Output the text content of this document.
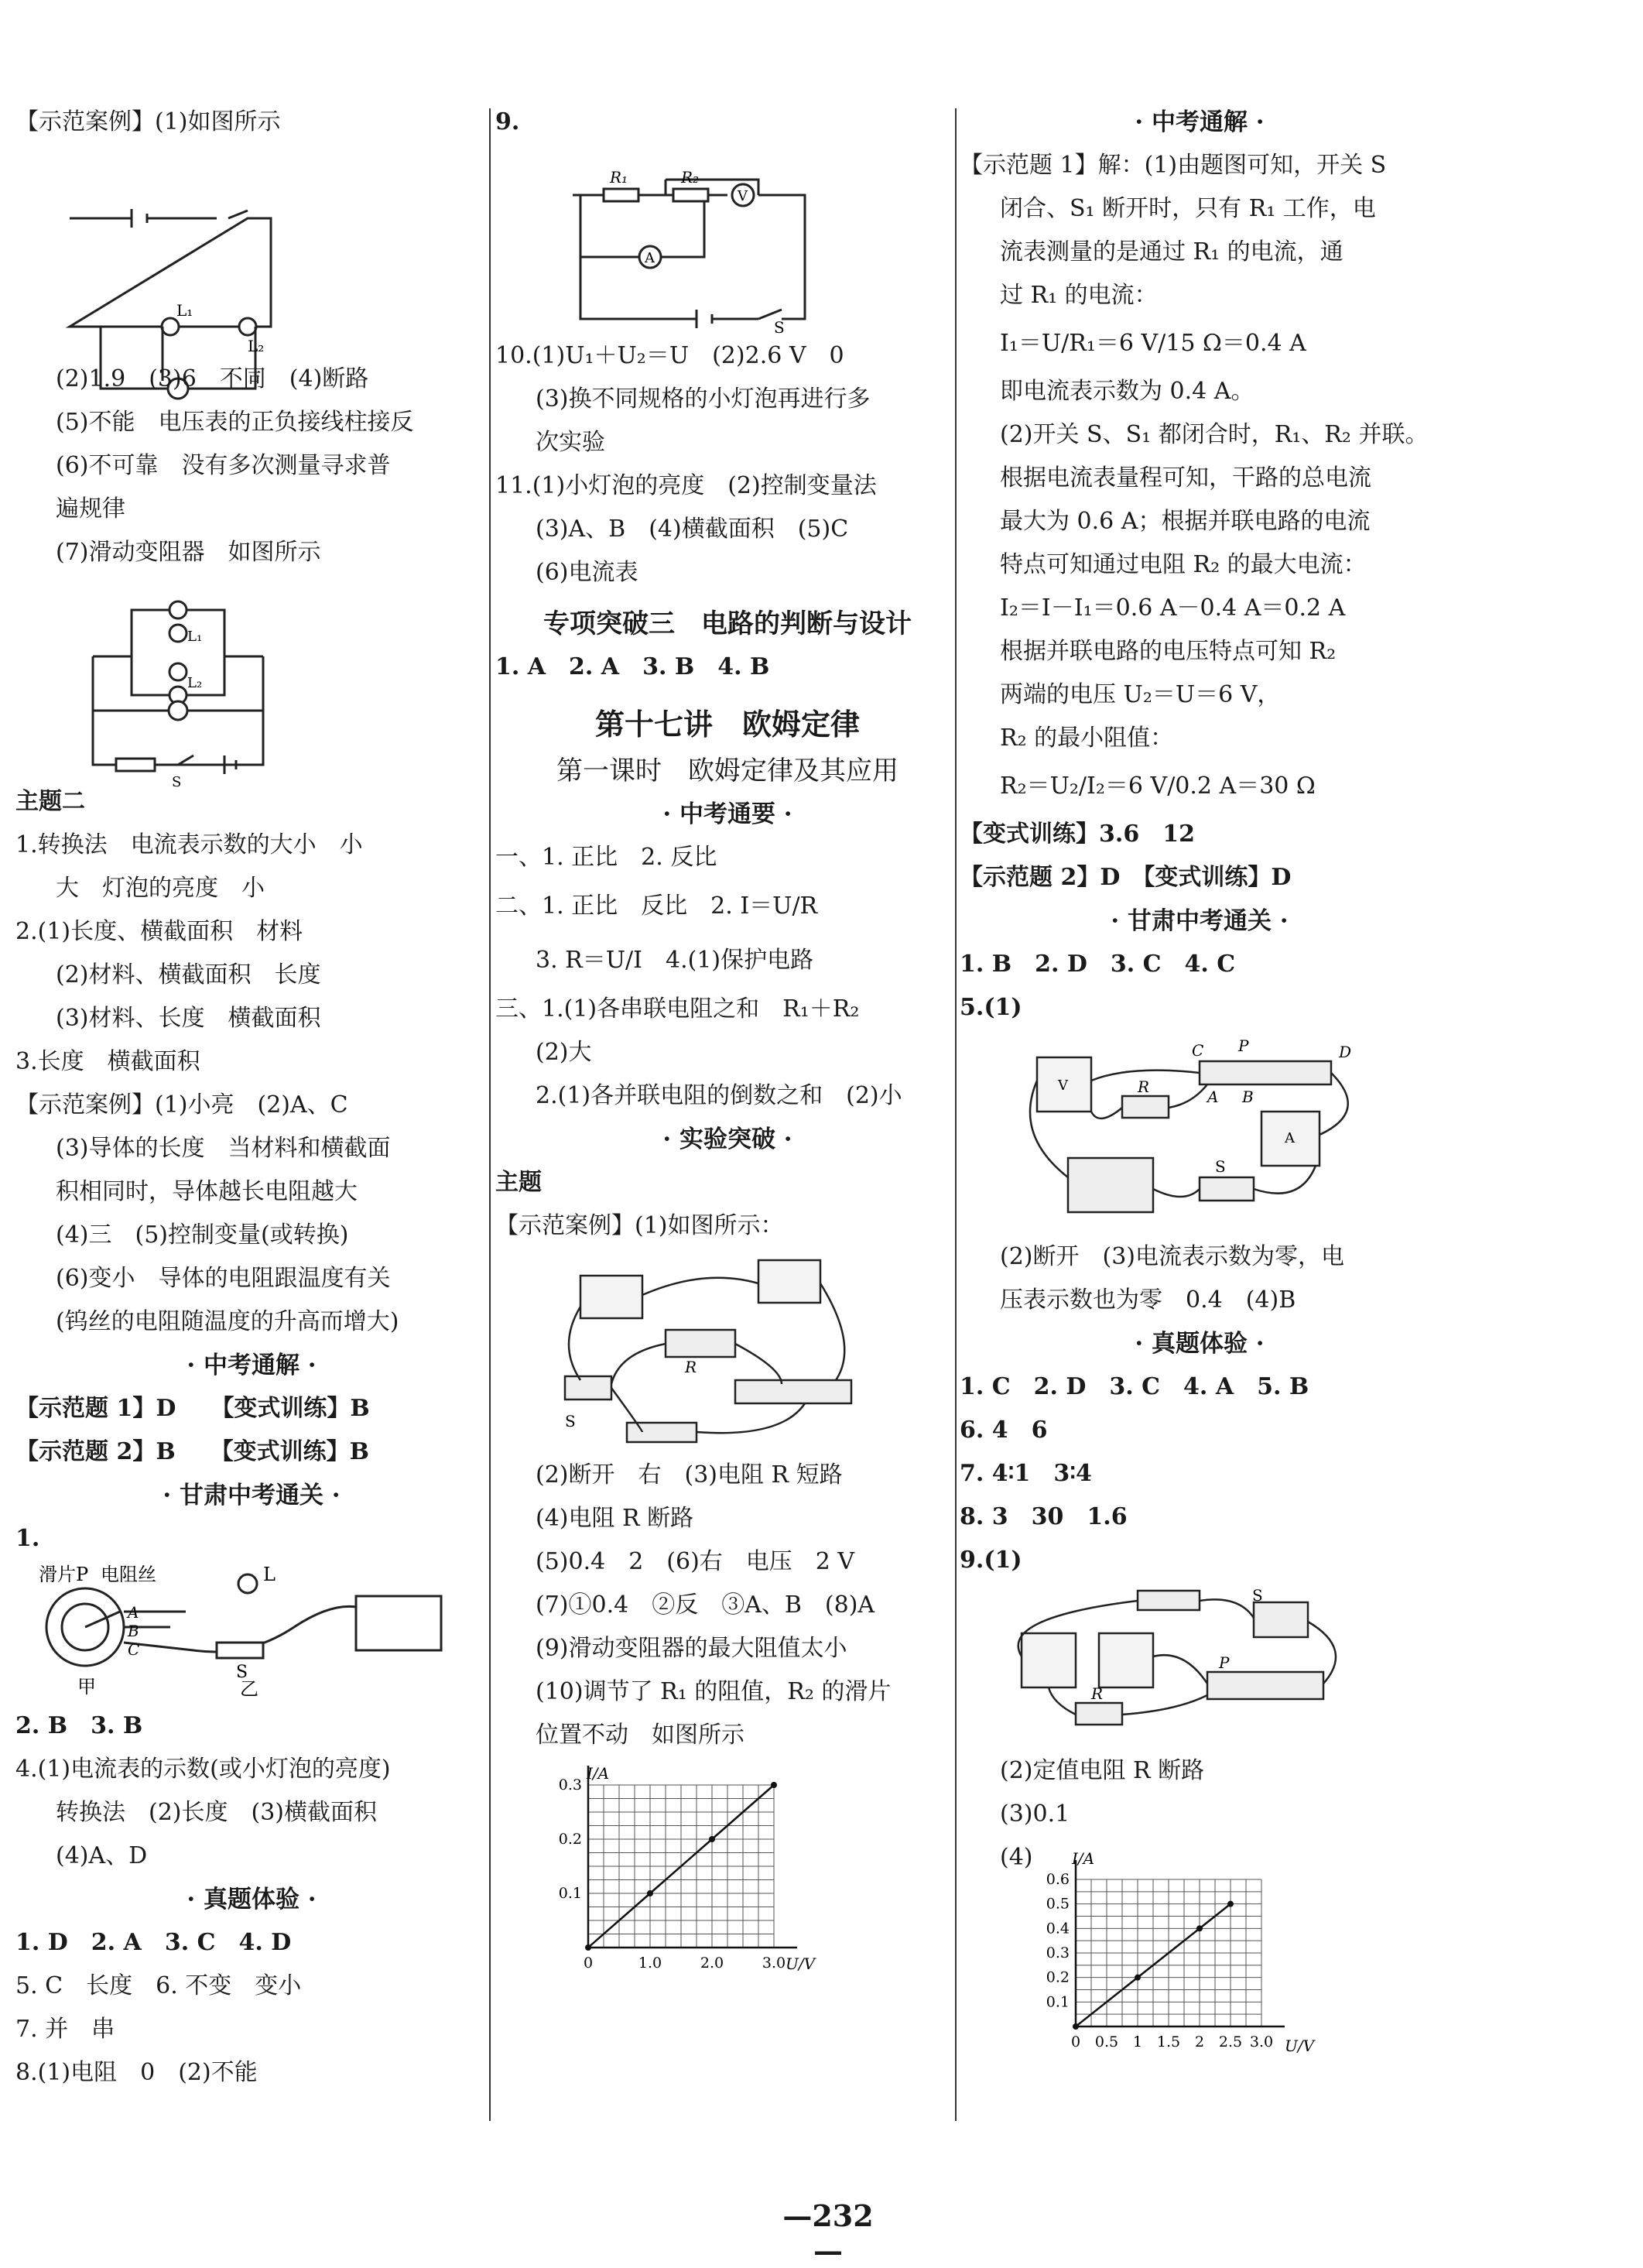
【示范案例】(1)如图所示
L₁
L₂
(2)1.9　(3)6　不同　(4)断路
(5)不能　电压表的正负接线柱接反
(6)不可靠　没有多次测量寻求普
遍规律
(7)滑动变阻器　如图所示
L₁
L₂
S
主题二
1.转换法　电流表示数的大小　小
大　灯泡的亮度　小
2.(1)长度、横截面积　材料
(2)材料、横截面积　长度
(3)材料、长度　横截面积
3.长度　横截面积
【示范案例】(1)小亮　(2)A、C
(3)导体的长度　当材料和横截面
积相同时，导体越长电阻越大
(4)三　(5)控制变量(或转换)
(6)变小　导体的电阻跟温度有关
(钨丝的电阻随温度的升高而增大)
· 中考通解 ·
【示范题 1】D　　【变式训练】B
【示范题 2】B　　【变式训练】B
· 甘肃中考通关 ·
1.
滑片P 电阻丝	L
A
B
C
S
甲	乙
2. B　3. B
4.(1)电流表的示数(或小灯泡的亮度)
转换法　(2)长度　(3)横截面积
(4)A、D
· 真题体验 ·
1. D　2. A　3. C　4. D
5. C　长度　6. 不变　变小
7. 并　串
8.(1)电阻　0　(2)不能
9.
R₁	R₂
V
A
S
10.(1)U₁＋U₂＝U　(2)2.6 V　0
(3)换不同规格的小灯泡再进行多
次实验
11.(1)小灯泡的亮度　(2)控制变量法
(3)A、B　(4)横截面积　(5)C
(6)电流表
专项突破三　电路的判断与设计
1. A　2. A　3. B　4. B
第十七讲　欧姆定律
第一课时　欧姆定律及其应用
· 中考通要 ·
一、1. 正比　2. 反比
二、1. 正比　反比　2. I＝U/R
3. R＝U/I　4.(1)保护电路
三、1.(1)各串联电阻之和　R₁＋R₂
(2)大
2.(1)各并联电阻的倒数之和　(2)小
· 实验突破 ·
主题
【示范案例】(1)如图所示：
R
S
(2)断开　右　(3)电阻 R 短路
(4)电阻 R 断路
(5)0.4　2　(6)右　电压　2 V
(7)①0.4　②反　③A、B　(8)A
(9)滑动变阻器的最大阻值太小
(10)调节了 R₁ 的阻值，R₂ 的滑片
位置不动　如图所示
I/A
U/V
0	1.0	2.0	3.0
0.1
0.2
0.3
· 中考通解 ·
【示范题 1】解：(1)由题图可知，开关 S
闭合、S₁ 断开时，只有 R₁ 工作，电
流表测量的是通过 R₁ 的电流，通
过 R₁ 的电流：
I₁＝U/R₁＝6 V/15 Ω＝0.4 A
即电流表示数为 0.4 A。
(2)开关 S、S₁ 都闭合时，R₁、R₂ 并联。
根据电流表量程可知，干路的总电流
最大为 0.6 A；根据并联电路的电流
特点可知通过电阻 R₂ 的最大电流：
I₂＝I－I₁＝0.6 A－0.4 A＝0.2 A
根据并联电路的电压特点可知 R₂
两端的电压 U₂＝U＝6 V，
R₂ 的最小阻值：
R₂＝U₂/I₂＝6 V/0.2 A＝30 Ω
【变式训练】3.6　12
【示范题 2】D　【变式训练】D
· 甘肃中考通关 ·
1. B　2. D　3. C　4. C
5.(1)
C P	D
A B
R
S
V
A
(2)断开　(3)电流表示数为零，电
压表示数也为零　0.4　(4)B
· 真题体验 ·
1. C　2. D　3. C　4. A　5. B
6. 4　6
7. 4∶1　3∶4
8. 3　30　1.6
9.(1)
S
P
R
(2)定值电阻 R 断路
(3)0.1
(4)	I/A
U/V
0 0.5 1 1.5 2 2.5 3.0
0.1
0.2
0.3
0.4
0.5
0.6
—232—
